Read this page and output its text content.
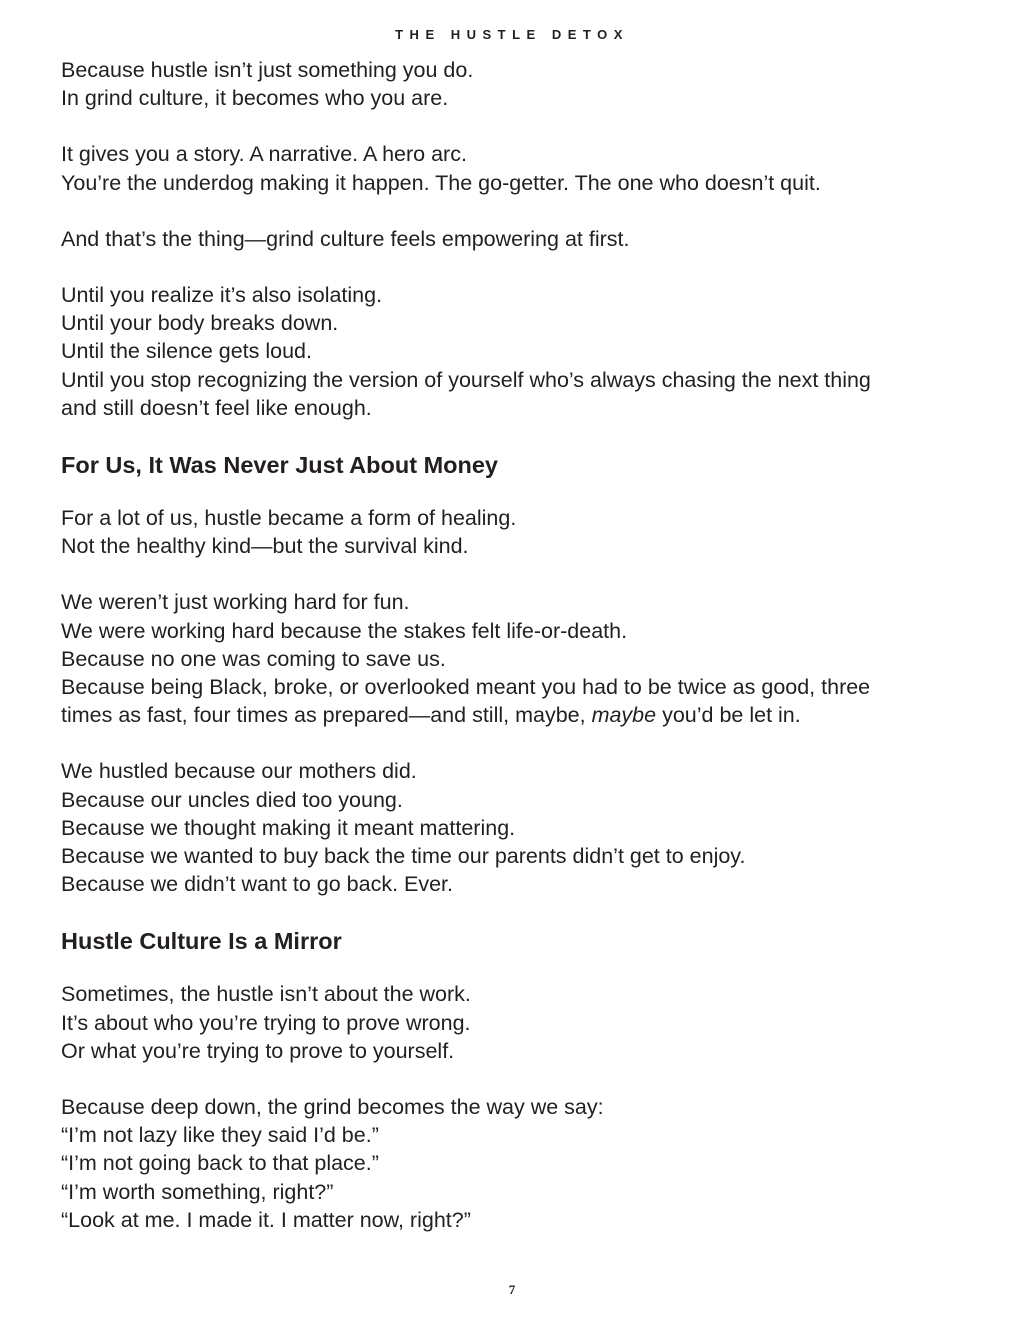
THE HUSTLE DETOX

Because hustle isn’t just something you do.
In grind culture, it becomes who you are.

It gives you a story. A narrative. A hero arc.
You’re the underdog making it happen. The go-getter. The one who doesn’t quit.

And that’s the thing—grind culture feels empowering at first.

Until you realize it’s also isolating.
Until your body breaks down.
Until the silence gets loud.
Until you stop recognizing the version of yourself who’s always chasing the next thing
and still doesn’t feel like enough.

For Us, It Was Never Just About Money

For a lot of us, hustle became a form of healing.
Not the healthy kind—but the survival kind.

We weren’t just working hard for fun.
We were working hard because the stakes felt life-or-death.
Because no one was coming to save us.
Because being Black, broke, or overlooked meant you had to be twice as good, three
times as fast, four times as prepared—and still, maybe, maybe you’d be let in.

We hustled because our mothers did.
Because our uncles died too young.
Because we thought making it meant mattering.
Because we wanted to buy back the time our parents didn’t get to enjoy.
Because we didn’t want to go back. Ever.

Hustle Culture Is a Mirror

Sometimes, the hustle isn’t about the work.
It’s about who you’re trying to prove wrong.
Or what you’re trying to prove to yourself.

Because deep down, the grind becomes the way we say:
“I’m not lazy like they said I’d be.”
“I’m not going back to that place.”
“I’m worth something, right?”
“Look at me. I made it. I matter now, right?”

7
